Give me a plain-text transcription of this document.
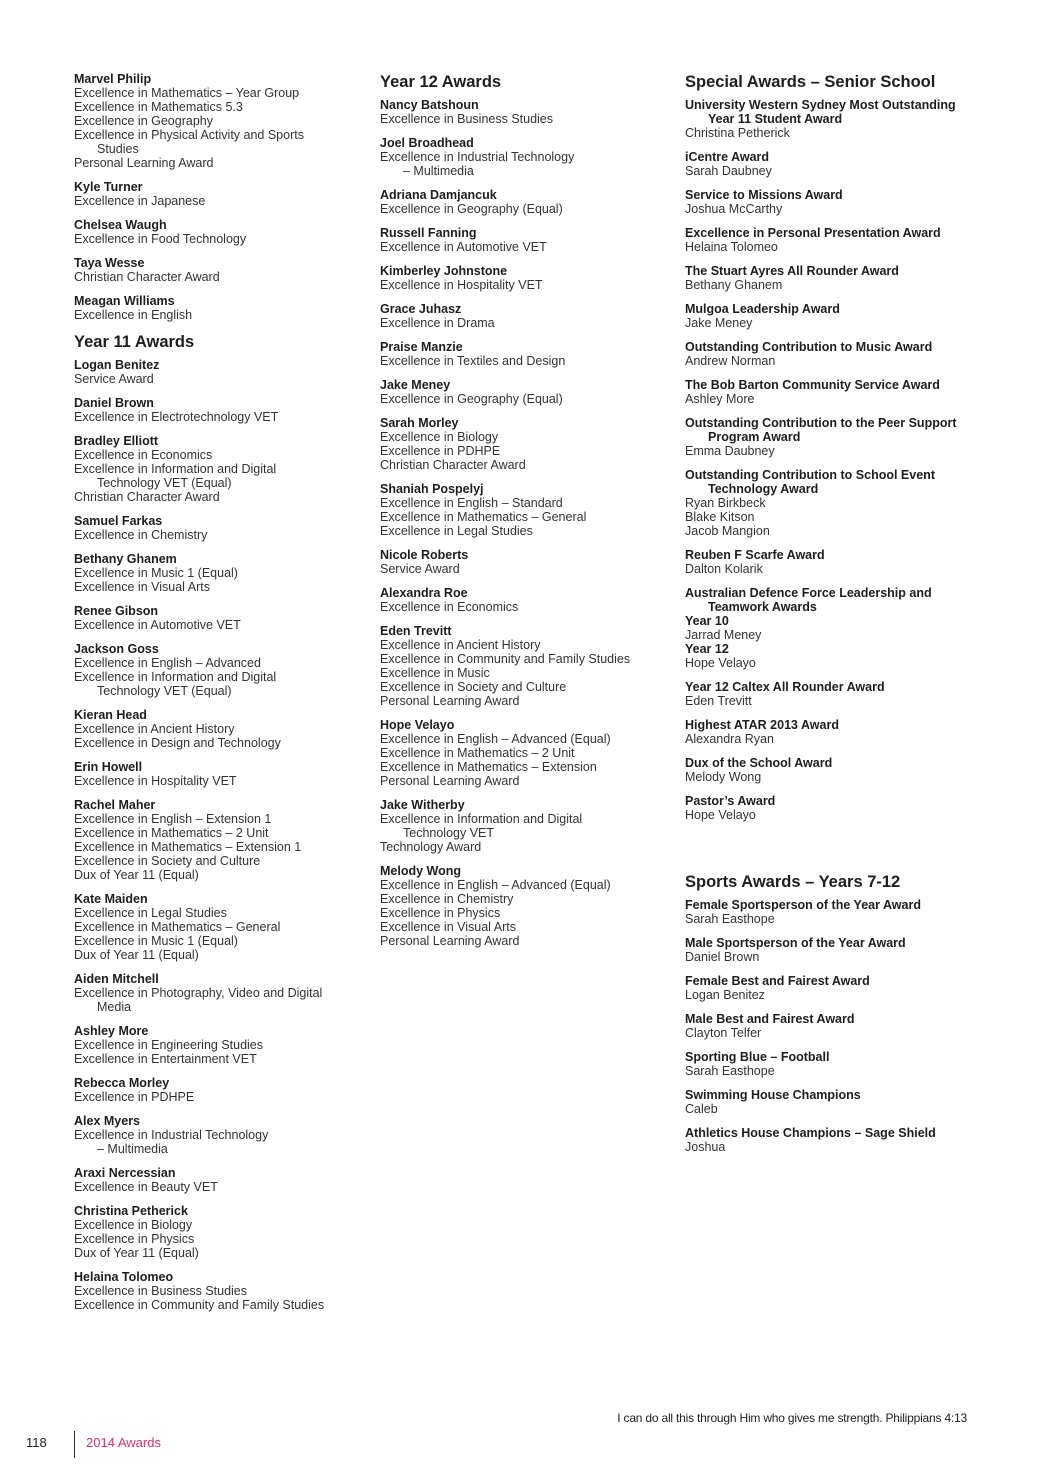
Marvel Philip
Excellence in Mathematics – Year Group
Excellence in Mathematics 5.3
Excellence in Geography
Excellence in Physical Activity and Sports
Studies
Personal Learning Award
Kyle Turner
Excellence in Japanese
Chelsea Waugh
Excellence in Food Technology
Taya Wesse
Christian Character Award
Meagan Williams
Excellence in English
Year 11 Awards
Logan Benitez
Service Award
Daniel Brown
Excellence in Electrotechnology VET
Bradley Elliott
Excellence in Economics
Excellence in Information and Digital
Technology VET (Equal)
Christian Character Award
Samuel Farkas
Excellence in Chemistry
Bethany Ghanem
Excellence in Music 1 (Equal)
Excellence in Visual Arts
Renee Gibson
Excellence in Automotive VET
Jackson Goss
Excellence in English – Advanced
Excellence in Information and Digital
Technology VET (Equal)
Kieran Head
Excellence in Ancient History
Excellence in Design and Technology
Erin Howell
Excellence in Hospitality VET
Rachel Maher
Excellence in English – Extension 1
Excellence in Mathematics – 2 Unit
Excellence in Mathematics – Extension 1
Excellence in Society and Culture
Dux of Year 11 (Equal)
Kate Maiden
Excellence in Legal Studies
Excellence in Mathematics – General
Excellence in Music 1 (Equal)
Dux of Year 11 (Equal)
Aiden Mitchell
Excellence in Photography, Video and Digital
Media
Ashley More
Excellence in Engineering Studies
Excellence in Entertainment VET
Rebecca Morley
Excellence in PDHPE
Alex Myers
Excellence in Industrial Technology
– Multimedia
Araxi Nercessian
Excellence in Beauty VET
Christina Petherick
Excellence in Biology
Excellence in Physics
Dux of Year 11 (Equal)
Helaina Tolomeo
Excellence in Business Studies
Excellence in Community and Family Studies
Year 12 Awards
Nancy Batshoun
Excellence in Business Studies
Joel Broadhead
Excellence in Industrial Technology
– Multimedia
Adriana Damjancuk
Excellence in Geography (Equal)
Russell Fanning
Excellence in Automotive VET
Kimberley Johnstone
Excellence in Hospitality VET
Grace Juhasz
Excellence in Drama
Praise Manzie
Excellence in Textiles and Design
Jake Meney
Excellence in Geography (Equal)
Sarah Morley
Excellence in Biology
Excellence in PDHPE
Christian Character Award
Shaniah Pospelyj
Excellence in English – Standard
Excellence in Mathematics – General
Excellence in Legal Studies
Nicole Roberts
Service Award
Alexandra Roe
Excellence in Economics
Eden Trevitt
Excellence in Ancient History
Excellence in Community and Family Studies
Excellence in Music
Excellence in Society and Culture
Personal Learning Award
Hope Velayo
Excellence in English – Advanced (Equal)
Excellence in Mathematics – 2 Unit
Excellence in Mathematics – Extension
Personal Learning Award
Jake Witherby
Excellence in Information and Digital
Technology VET
Technology Award
Melody Wong
Excellence in English – Advanced (Equal)
Excellence in Chemistry
Excellence in Physics
Excellence in Visual Arts
Personal Learning Award
Special Awards – Senior School
University Western Sydney Most Outstanding
Year 11 Student Award
Christina Petherick
iCentre Award
Sarah Daubney
Service to Missions Award
Joshua McCarthy
Excellence in Personal Presentation Award
Helaina Tolomeo
The Stuart Ayres All Rounder Award
Bethany Ghanem
Mulgoa Leadership Award
Jake Meney
Outstanding Contribution to Music Award
Andrew Norman
The Bob Barton Community Service Award
Ashley More
Outstanding Contribution to the Peer Support
Program Award
Emma Daubney
Outstanding Contribution to School Event
Technology Award
Ryan Birkbeck
Blake Kitson
Jacob Mangion
Reuben F Scarfe Award
Dalton Kolarik
Australian Defence Force Leadership and
Teamwork Awards
Year 10
Jarrad Meney
Year 12
Hope Velayo
Year 12 Caltex All Rounder Award
Eden Trevitt
Highest ATAR 2013 Award
Alexandra Ryan
Dux of the School Award
Melody Wong
Pastor’s Award
Hope Velayo
Sports Awards – Years 7-12
Female Sportsperson of the Year Award
Sarah Easthope
Male Sportsperson of the Year Award
Daniel Brown
Female Best and Fairest Award
Logan Benitez
Male Best and Fairest Award
Clayton Telfer
Sporting Blue – Football
Sarah Easthope
Swimming House Champions
Caleb
Athletics House Champions – Sage Shield
Joshua
I can do all this through Him who gives me strength. Philippians 4:13
118	2014 Awards
